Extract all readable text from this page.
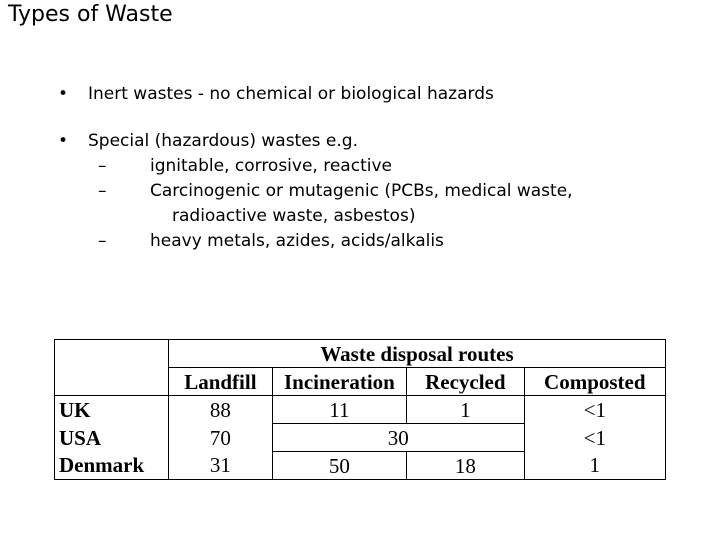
Types of Waste
• Inert wastes - no chemical or biological hazards
• Special (hazardous) wastes e.g.
–	ignitable, corrosive, reactive
–	Carcinogenic or mutagenic (PCBs, medical waste,
radioactive waste, asbestos)
–	heavy metals, azides, acids/alkalis
	Waste disposal routes			
	Landfill	Incineration	Recycled	Composted
UK	88	11	1	<1
USA	70	30		<1
Denmark	31	50	18	1
